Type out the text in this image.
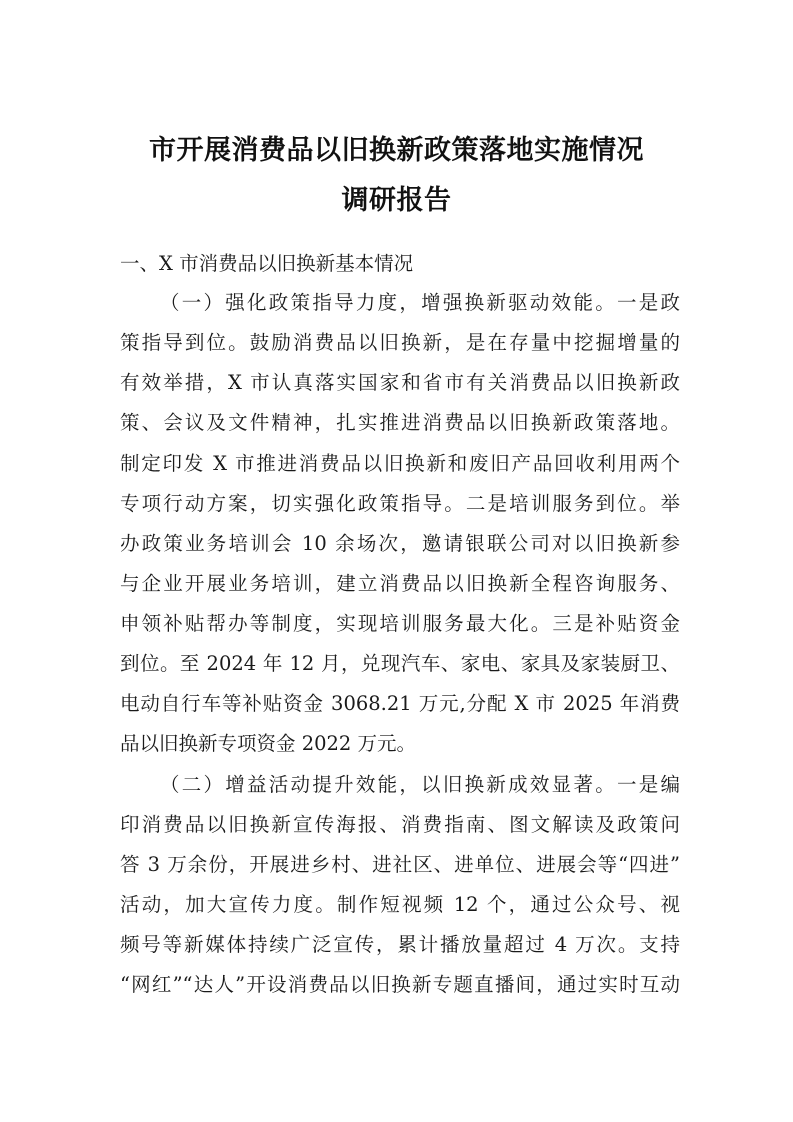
市开展消费品以旧换新政策落地实施情况
调研报告
一、X 市消费品以旧换新基本情况
（一）强化政策指导力度，增强换新驱动效能。一是政
策指导到位。鼓励消费品以旧换新，是在存量中挖掘增量的
有效举措，X 市认真落实国家和省市有关消费品以旧换新政
策、会议及文件精神，扎实推进消费品以旧换新政策落地。
制定印发 X 市推进消费品以旧换新和废旧产品回收利用两个
专项行动方案，切实强化政策指导。二是培训服务到位。举
办政策业务培训会 10 余场次，邀请银联公司对以旧换新参
与企业开展业务培训，建立消费品以旧换新全程咨询服务、
申领补贴帮办等制度，实现培训服务最大化。三是补贴资金
到位。至 2024 年 12 月，兑现汽车、家电、家具及家装厨卫、
电动自行车等补贴资金 3068.21 万元,分配 X 市 2025 年消费
品以旧换新专项资金 2022 万元。
（二）增益活动提升效能，以旧换新成效显著。一是编
印消费品以旧换新宣传海报、消费指南、图文解读及政策问
答 3 万余份，开展进乡村、进社区、进单位、进展会等“四进”
活动，加大宣传力度。制作短视频 12 个，通过公众号、视
频号等新媒体持续广泛宣传，累计播放量超过 4 万次。支持
“网红”“达人”开设消费品以旧换新专题直播间，通过实时互动
